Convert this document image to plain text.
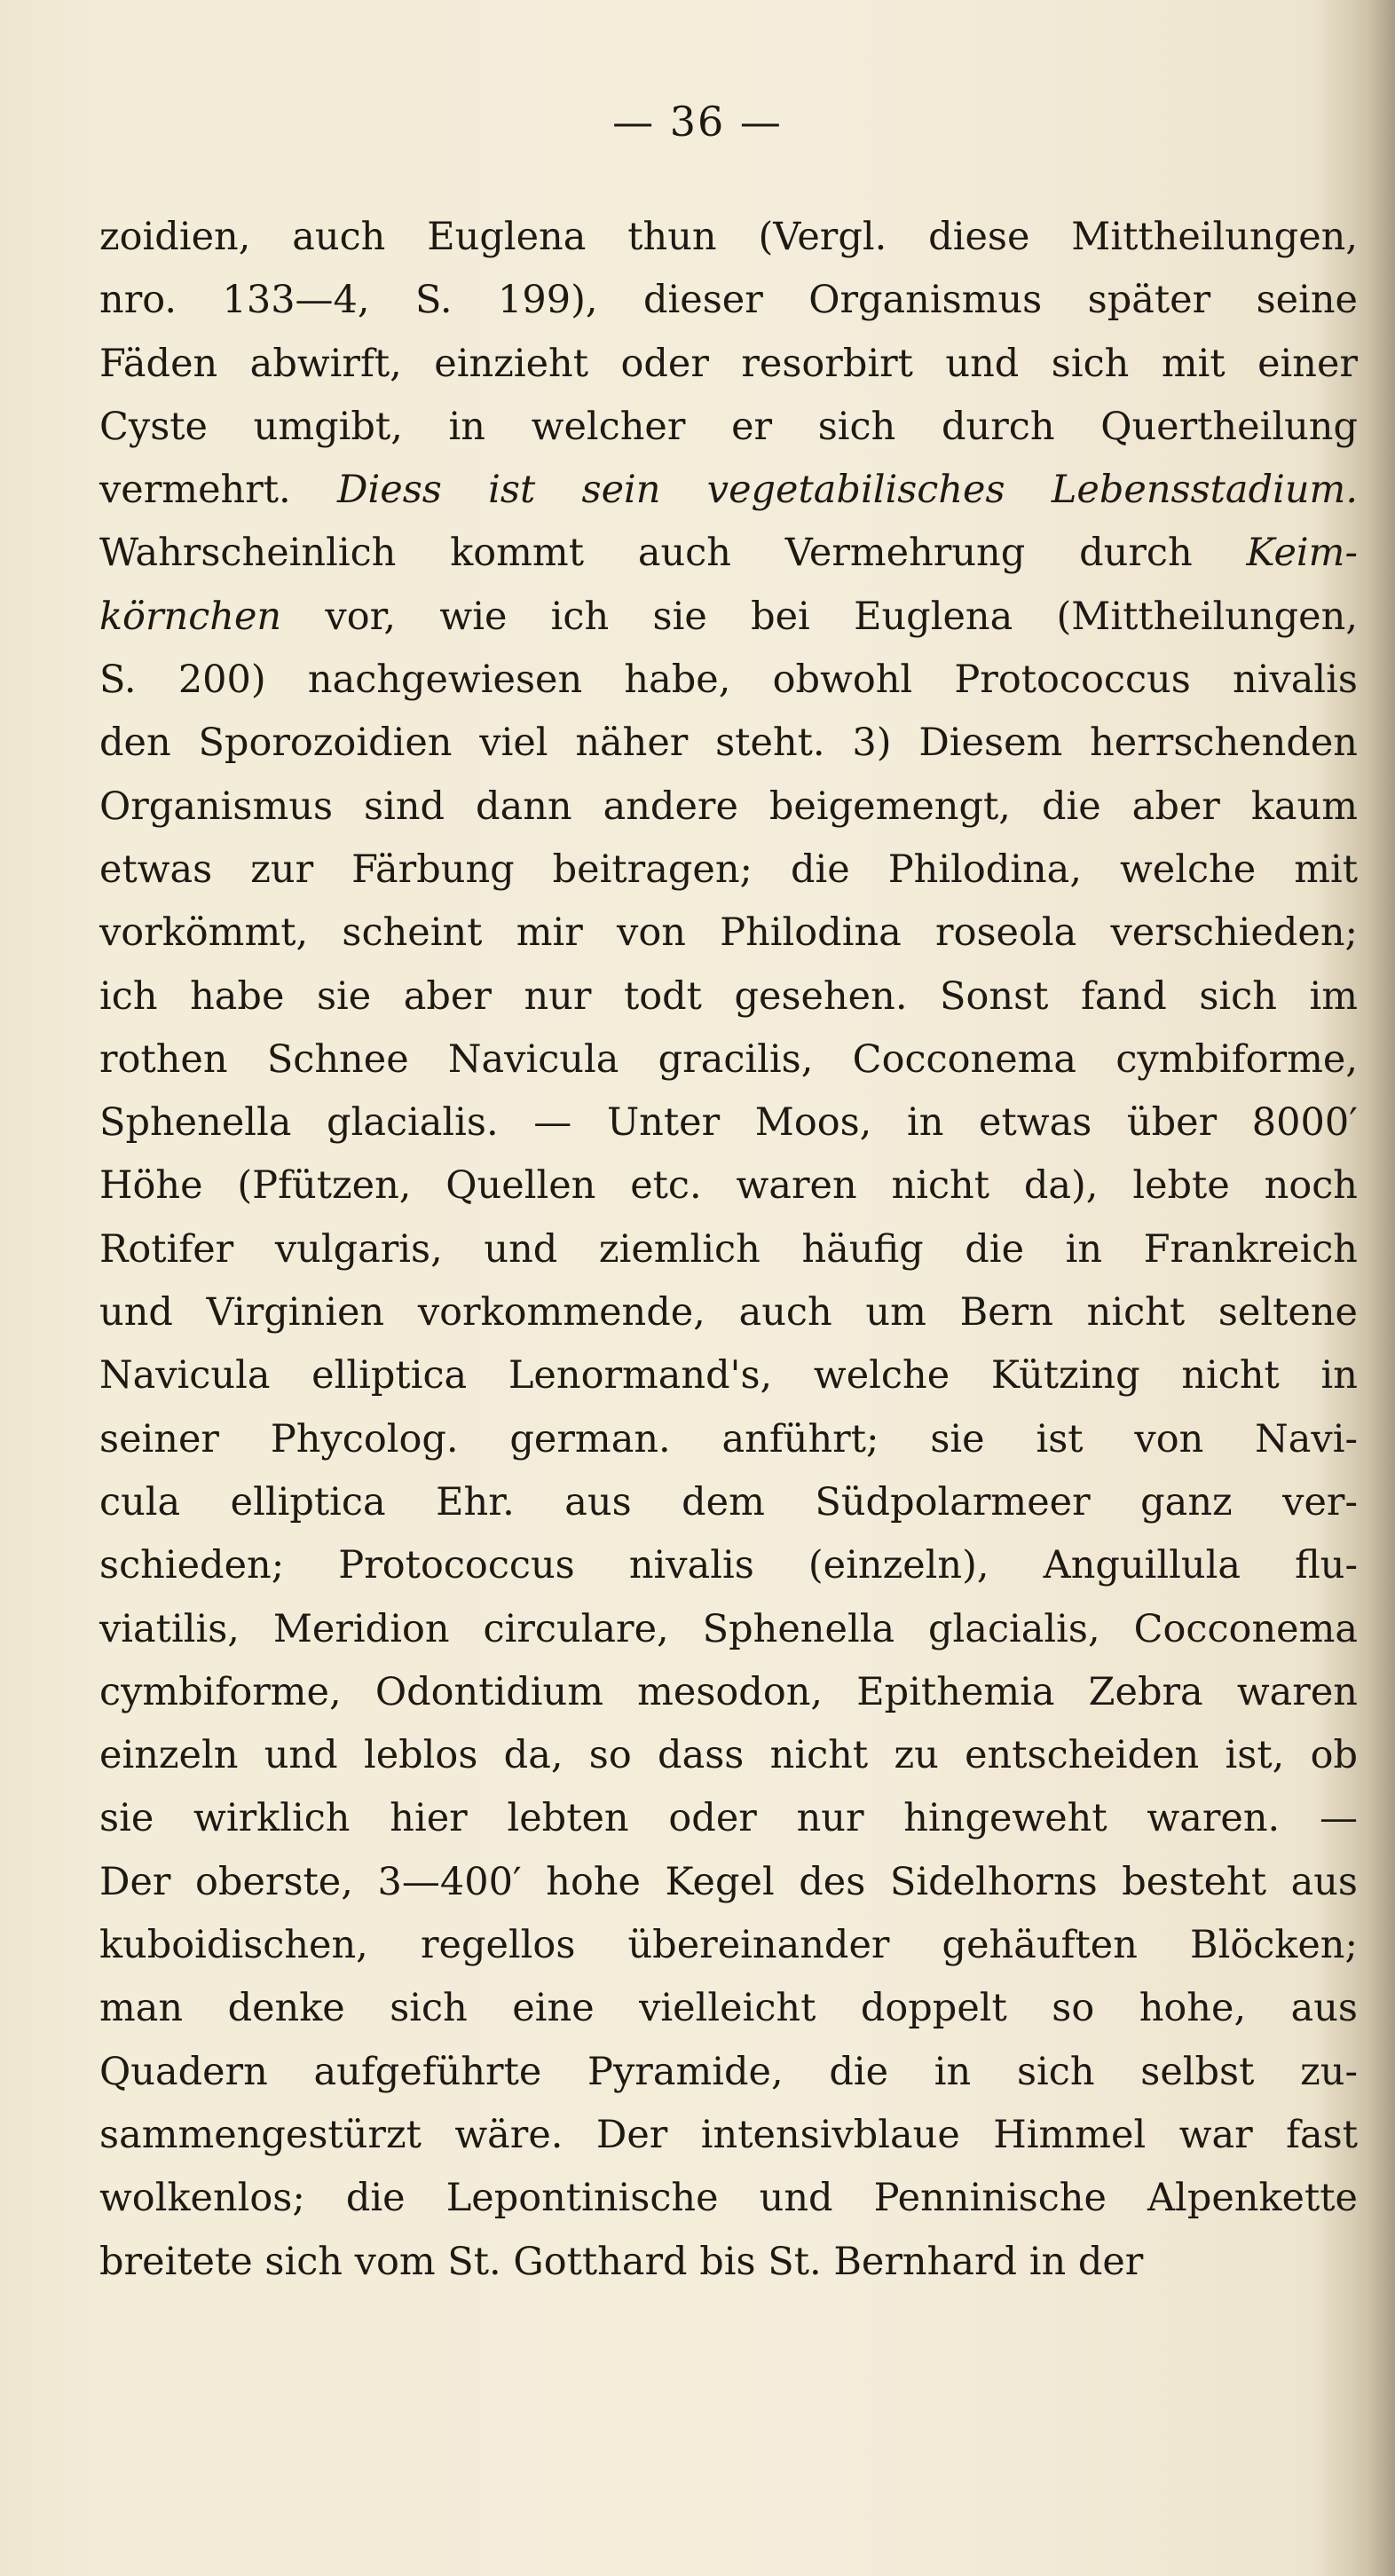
— 36 —
zoidien, auch Euglena thun (Vergl. diese Mittheilungen,
nro. 133—4, S. 199), dieser Organismus später seine
Fäden abwirft, einzieht oder resorbirt und sich mit einer
Cyste umgibt, in welcher er sich durch Quertheilung
vermehrt. Diess ist sein vegetabilisches Lebensstadium.
Wahrscheinlich kommt auch Vermehrung durch Keim-
körnchen vor, wie ich sie bei Euglena (Mittheilungen,
S. 200) nachgewiesen habe, obwohl Protococcus nivalis
den Sporozoidien viel näher steht. 3) Diesem herrschenden
Organismus sind dann andere beigemengt, die aber kaum
etwas zur Färbung beitragen; die Philodina, welche mit
vorkömmt, scheint mir von Philodina roseola verschieden;
ich habe sie aber nur todt gesehen. Sonst fand sich im
rothen Schnee Navicula gracilis, Cocconema cymbiforme,
Sphenella glacialis. — Unter Moos, in etwas über 8000′
Höhe (Pfützen, Quellen etc. waren nicht da), lebte noch
Rotifer vulgaris, und ziemlich häufig die in Frankreich
und Virginien vorkommende, auch um Bern nicht seltene
Navicula elliptica Lenormand's, welche Kützing nicht in
seiner Phycolog. german. anführt; sie ist von Navi-
cula elliptica Ehr. aus dem Südpolarmeer ganz ver-
schieden; Protococcus nivalis (einzeln), Anguillula flu-
viatilis, Meridion circulare, Sphenella glacialis, Cocconema
cymbiforme, Odontidium mesodon, Epithemia Zebra waren
einzeln und leblos da, so dass nicht zu entscheiden ist, ob
sie wirklich hier lebten oder nur hingeweht waren. —
Der oberste, 3—400′ hohe Kegel des Sidelhorns besteht aus
kuboidischen, regellos übereinander gehäuften Blöcken;
man denke sich eine vielleicht doppelt so hohe, aus
Quadern aufgeführte Pyramide, die in sich selbst zu-
sammengestürzt wäre. Der intensivblaue Himmel war fast
wolkenlos; die Lepontinische und Penninische Alpenkette
breitete sich vom St. Gotthard bis St. Bernhard in der
